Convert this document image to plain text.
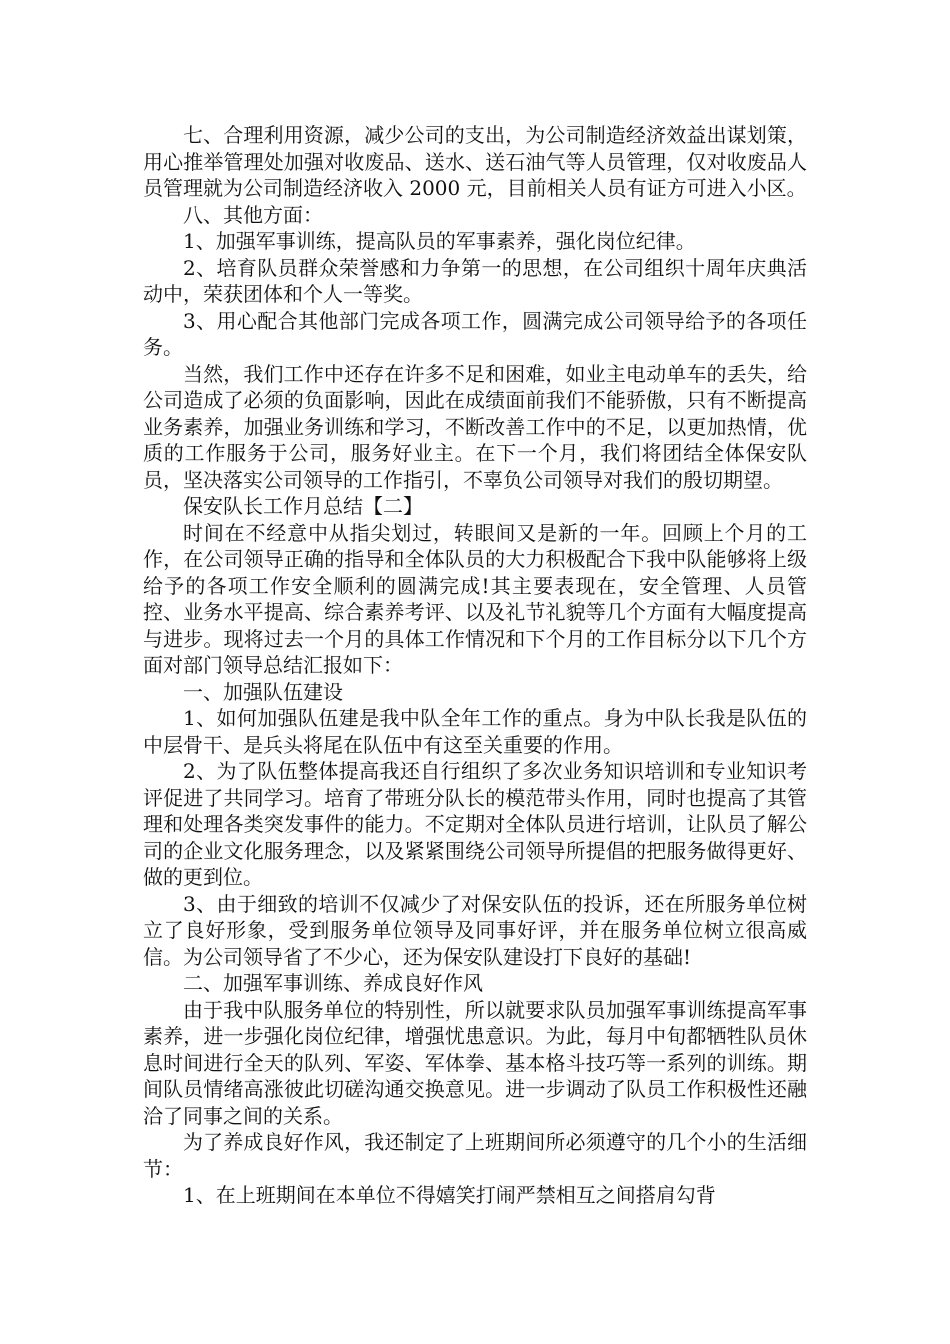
七、合理利用资源，减少公司的支出，为公司制造经济效益出谋划策，用心推举管理处加强对收废品、送水、送石油气等人员管理，仅对收废品人员管理就为公司制造经济收入 2000 元，目前相关人员有证方可进入小区。

八、其他方面：

1、加强军事训练，提高队员的军事素养，强化岗位纪律。

2、培育队员群众荣誉感和力争第一的思想，在公司组织十周年庆典活动中，荣获团体和个人一等奖。

3、用心配合其他部门完成各项工作，圆满完成公司领导给予的各项任务。

当然，我们工作中还存在许多不足和困难，如业主电动单车的丢失，给公司造成了必须的负面影响，因此在成绩面前我们不能骄傲，只有不断提高业务素养，加强业务训练和学习，不断改善工作中的不足，以更加热情，优质的工作服务于公司，服务好业主。在下一个月，我们将团结全体保安队员，坚决落实公司领导的工作指引，不辜负公司领导对我们的殷切期望。

保安队长工作月总结【二】

时间在不经意中从指尖划过，转眼间又是新的一年。回顾上个月的工作，在公司领导正确的指导和全体队员的大力积极配合下我中队能够将上级给予的各项工作安全顺利的圆满完成!其主要表现在，安全管理、人员管控、业务水平提高、综合素养考评、以及礼节礼貌等几个方面有大幅度提高与进步。现将过去一个月的具体工作情况和下个月的工作目标分以下几个方面对部门领导总结汇报如下：

一、加强队伍建设

1、如何加强队伍建是我中队全年工作的重点。身为中队长我是队伍的中层骨干、是兵头将尾在队伍中有这至关重要的作用。

2、为了队伍整体提高我还自行组织了多次业务知识培训和专业知识考评促进了共同学习。培育了带班分队长的模范带头作用，同时也提高了其管理和处理各类突发事件的能力。不定期对全体队员进行培训，让队员了解公司的企业文化服务理念，以及紧紧围绕公司领导所提倡的把服务做得更好、做的更到位。

3、由于细致的培训不仅减少了对保安队伍的投诉，还在所服务单位树立了良好形象，受到服务单位领导及同事好评，并在服务单位树立很高威信。为公司领导省了不少心，还为保安队建设打下良好的基础!

二、加强军事训练、养成良好作风

由于我中队服务单位的特别性，所以就要求队员加强军事训练提高军事素养，进一步强化岗位纪律，增强忧患意识。为此，每月中旬都牺牲队员休息时间进行全天的队列、军姿、军体拳、基本格斗技巧等一系列的训练。期间队员情绪高涨彼此切磋沟通交换意见。进一步调动了队员工作积极性还融洽了同事之间的关系。

为了养成良好作风，我还制定了上班期间所必须遵守的几个小的生活细节：

1、在上班期间在本单位不得嬉笑打闹严禁相互之间搭肩勾背
